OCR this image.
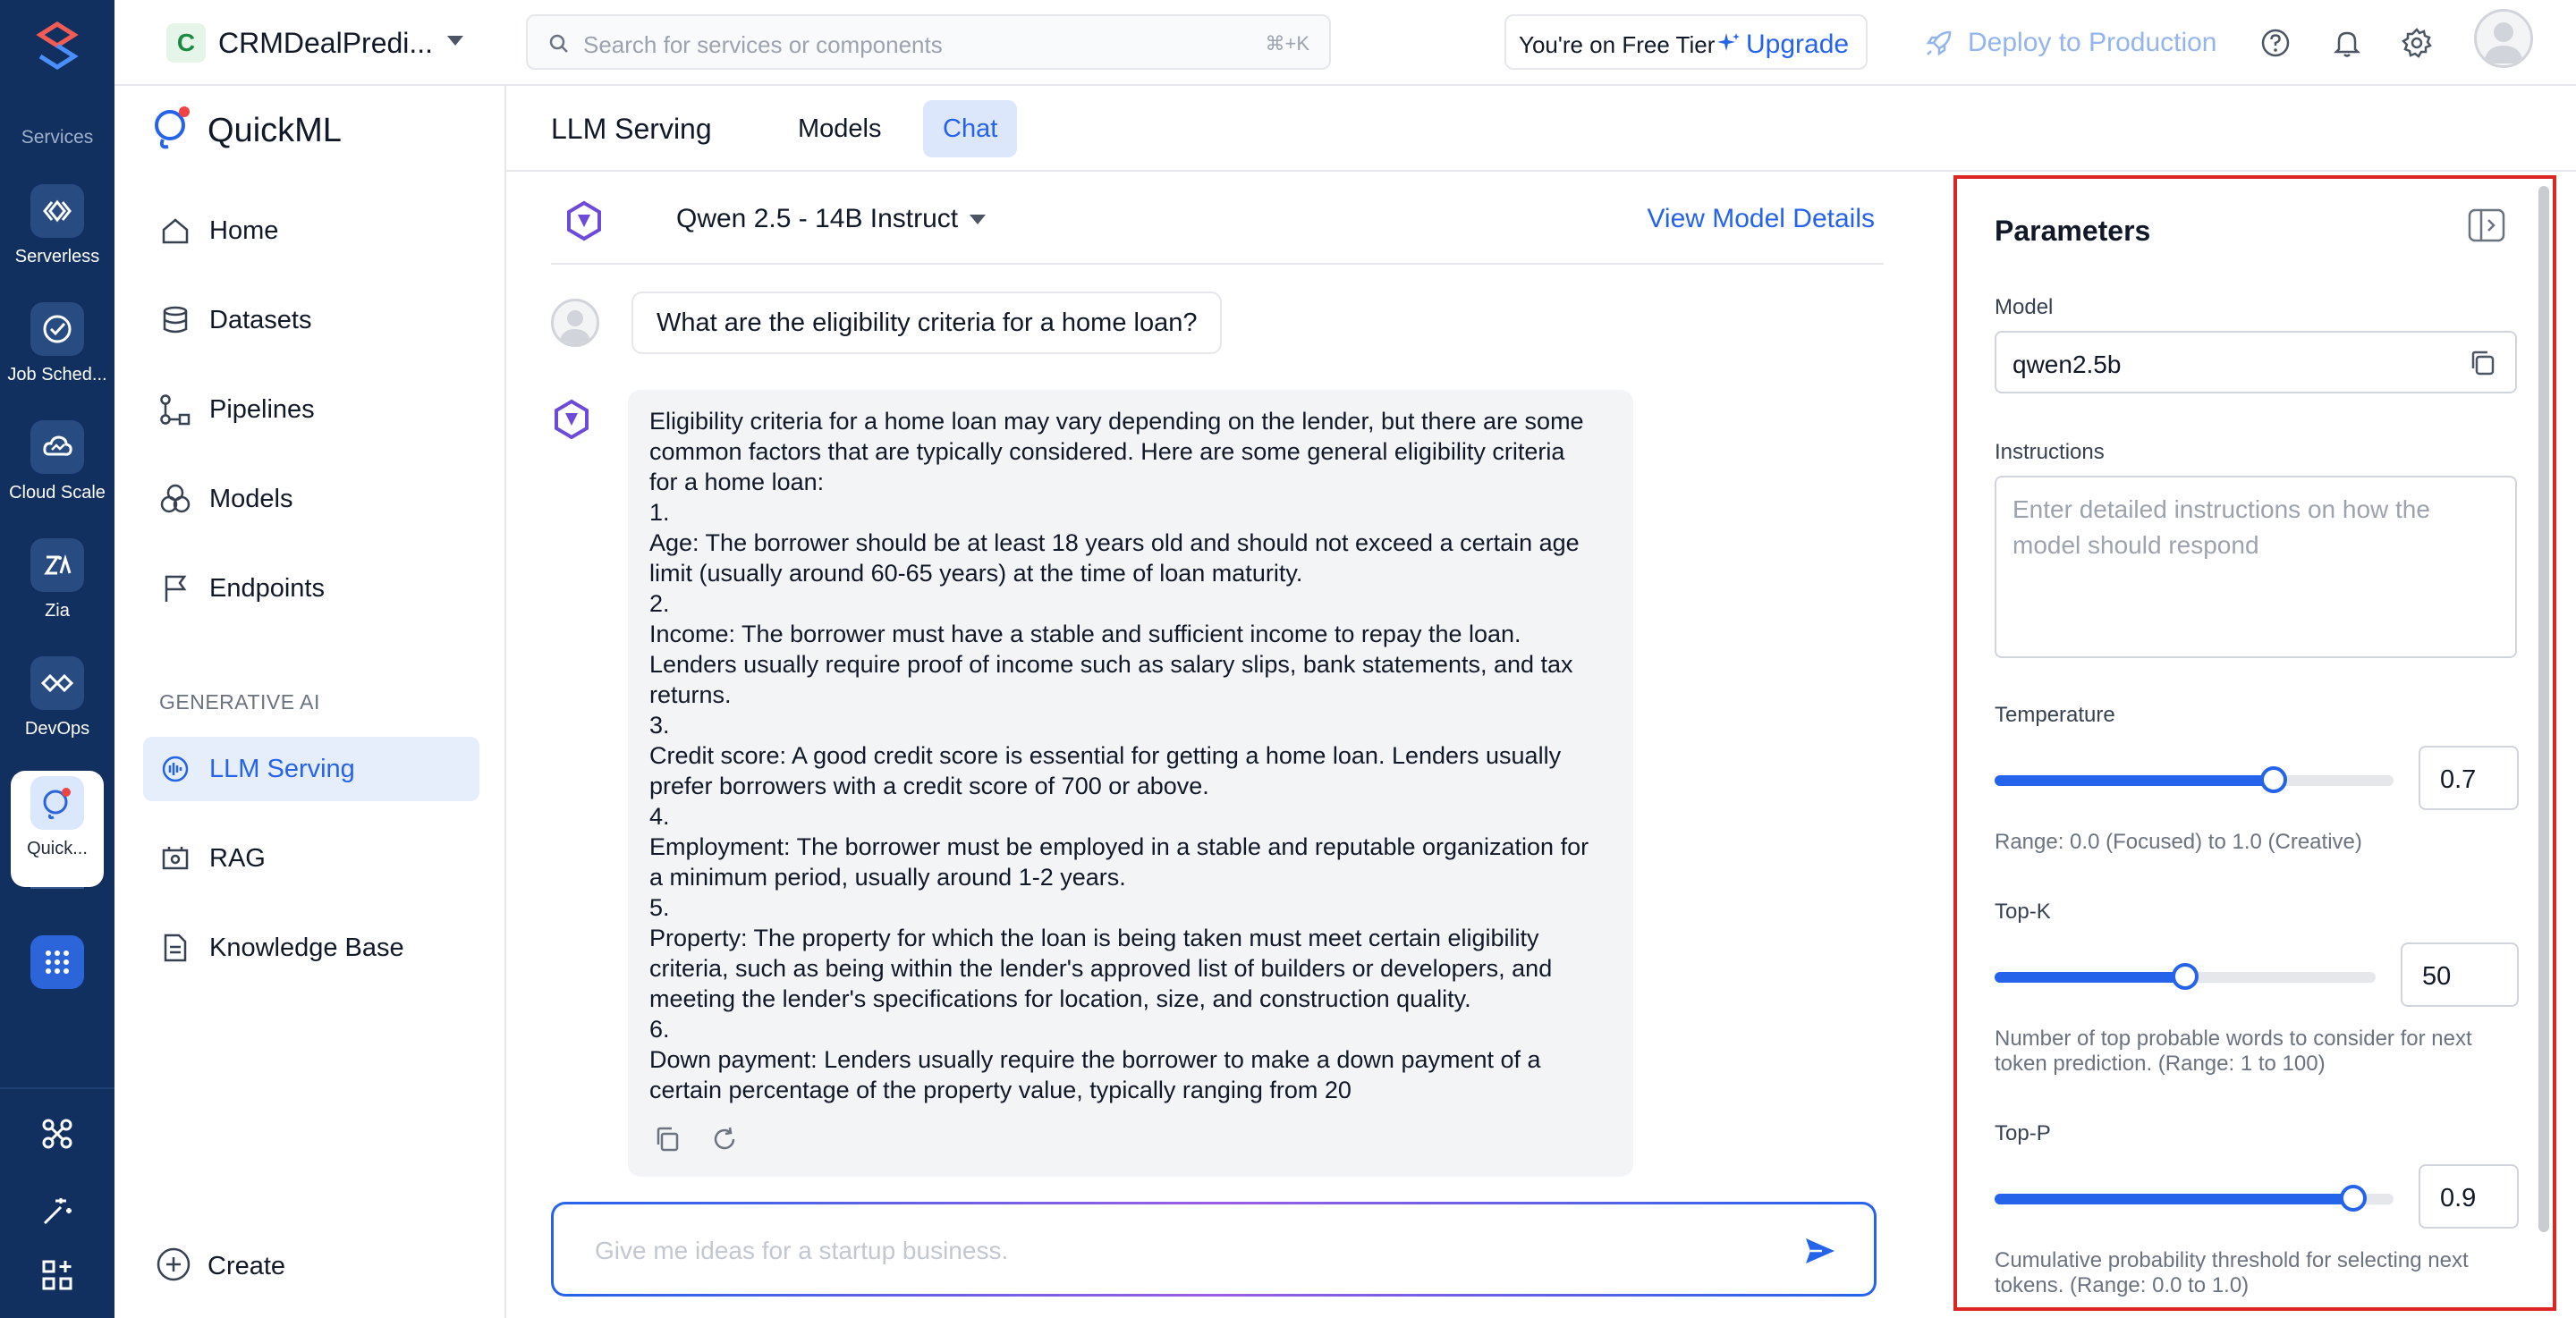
Services
Serverless
Job Sched...
Cloud Scale
Zia
DevOps
Quick...
C CRMDealPredi...	Search for services or components	⌘+K	You're on Free Tier Upgrade	Deploy to Production
QuickML
Home
Datasets
Pipelines
Models
Endpoints
GENERATIVE AI
LLM Serving
RAG
Knowledge Base
Create
LLM Serving	Models	Chat
Qwen 2.5 - 14B Instruct	View Model Details
What are the eligibility criteria for a home loan?
Eligibility criteria for a home loan may vary depending on the lender, but there are some
common factors that are typically considered. Here are some general eligibility criteria
for a home loan:
1.
Age: The borrower should be at least 18 years old and should not exceed a certain age
limit (usually around 60-65 years) at the time of loan maturity.
2.
Income: The borrower must have a stable and sufficient income to repay the loan.
Lenders usually require proof of income such as salary slips, bank statements, and tax
returns.
3.
Credit score: A good credit score is essential for getting a home loan. Lenders usually
prefer borrowers with a credit score of 700 or above.
4.
Employment: The borrower must be employed in a stable and reputable organization for
a minimum period, usually around 1-2 years.
5.
Property: The property for which the loan is being taken must meet certain eligibility
criteria, such as being within the lender's approved list of builders or developers, and
meeting the lender's specifications for location, size, and construction quality.
6.
Down payment: Lenders usually require the borrower to make a down payment of a
certain percentage of the property value, typically ranging from 20
Give me ideas for a startup business.
Parameters
Model
qwen2.5b
Instructions
Enter detailed instructions on how the model should respond
Temperature
0.7
Range: 0.0 (Focused) to 1.0 (Creative)
Top-K
50
Number of top probable words to consider for next token prediction. (Range: 1 to 100)
Top-P
0.9
Cumulative probability threshold for selecting next tokens. (Range: 0.0 to 1.0)
